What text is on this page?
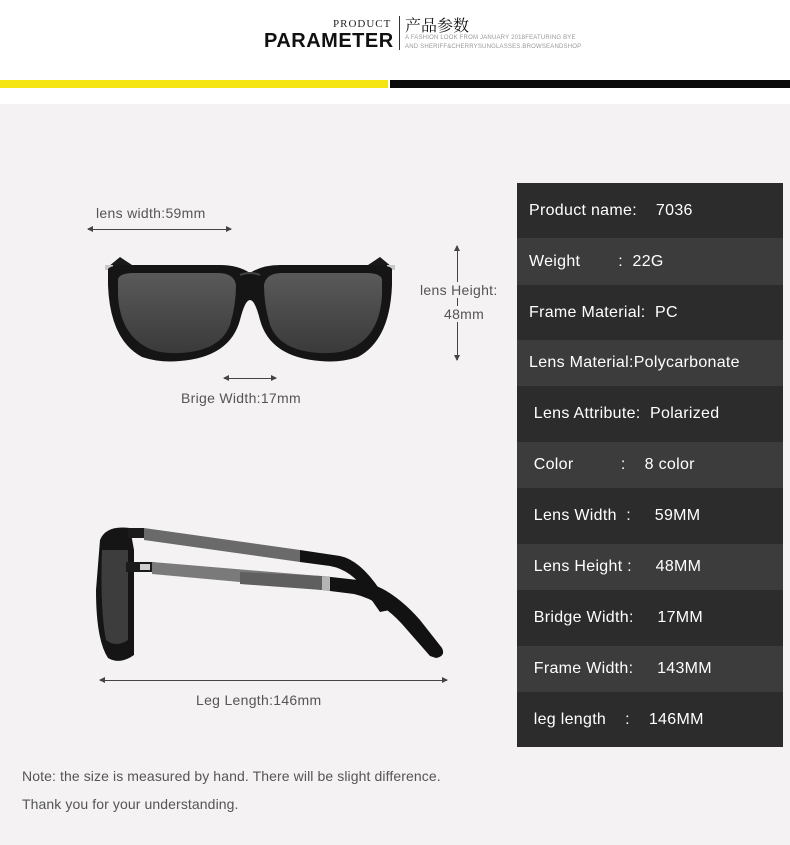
PRODUCT
PARAMETER
产品参数
A FASHION LOOK FROM JANUARY 2018FEATURING BYE
AND SHERIFF&CHERRYSUNGLASSES.BROWSEANDSHOP
lens width:59mm
lens Height:
48mm
Brige Width:17mm
Leg Length:146mm
Product name:    7036
Weight        :  22G
Frame Material:  PC
Lens Material:Polycarbonate
Lens Attribute:  Polarized
Color          :    8 color
Lens Width  :     59MM
Lens Height :     48MM
Bridge Width:     17MM
Frame Width:     143MM
leg length    :    146MM
Note: the size is measured by hand. There will be slight difference.
Thank you for your understanding.
